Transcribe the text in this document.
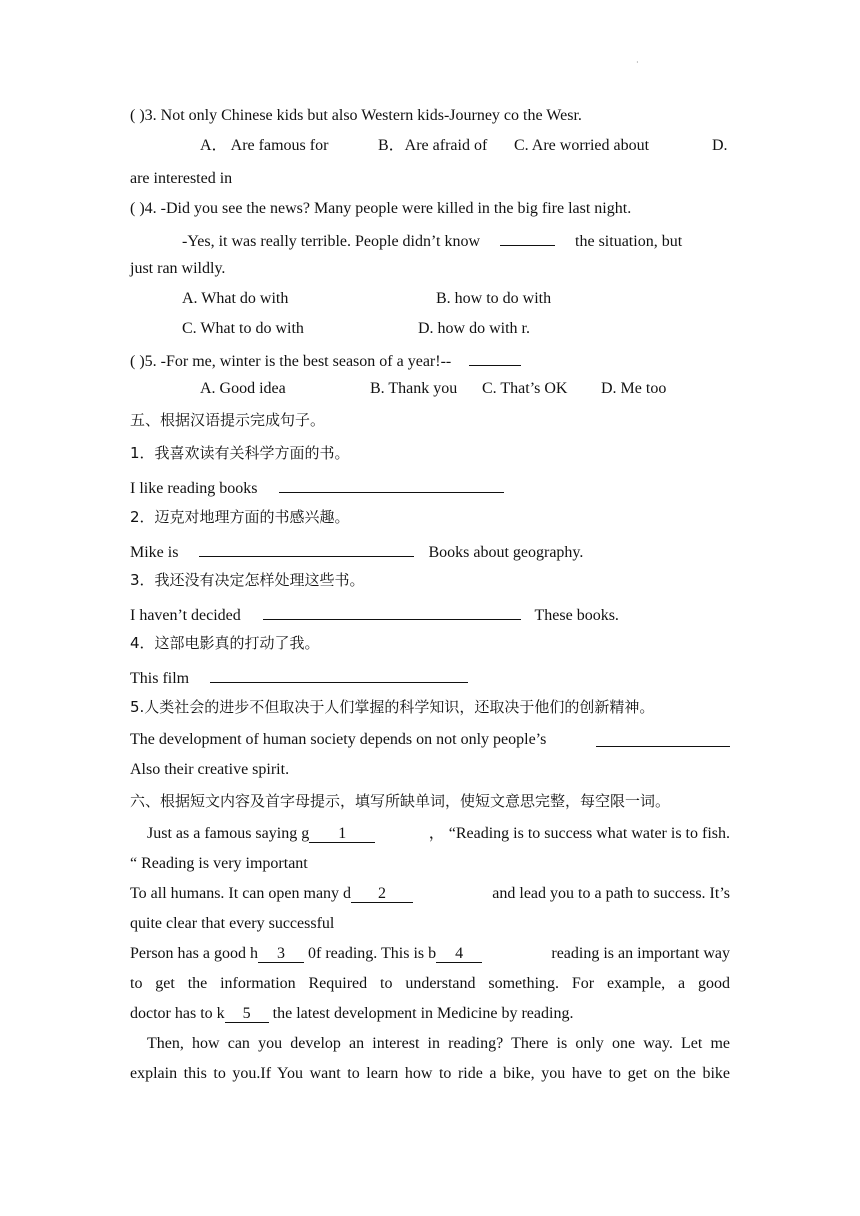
·
( )3. Not only Chinese kids but also Western kids-Journey co the Wesr.
A． Are famous for	B．Are afraid of C. Are worried about	D.
are interested in
( )4. -Did you see the news? Many people were killed in the big fire last night.
-Yes, it was really terrible. People didn’t know	the situation, but
just ran wildly.
A. What do with	B. how to do with
C. What to do with	D. how do with r.
( )5. -For me, winter is the best season of a year!--
A. Good idea	B. Thank you C. That’s OK D. Me too
五、根据汉语提示完成句子。
1．我喜欢读有关科学方面的书。
I like reading books
2．迈克对地理方面的书感兴趣。
Mike is	Books about geography.
3．我还没有决定怎样处理这些书。
I haven’t decided	These books.
4．这部电影真的打动了我。
This film
5.人类社会的进步不但取决于人们掌握的科学知识，还取决于他们的创新精神。
The development of human society depends on not only people’s
Also their creative spirit.
六、根据短文内容及首字母提示，填写所缺单词，使短文意思完整，每空限一词。
Just as a famous saying g 1	， “Reading is to success what water is to fish.
“ Reading is very important
To all humans. It can open many d 2	and lead you to a path to success. It’s
quite clear that every successful
Person has a good h 3 0f reading. This is b 4	reading is an important way
to get the information Required to understand something. For example, a good
doctor has to k 5 the latest development in Medicine by reading.
Then, how can you develop an interest in reading? There is only one way. Let me
explain this to you.If You want to learn how to ride a bike, you have to get on the bike
